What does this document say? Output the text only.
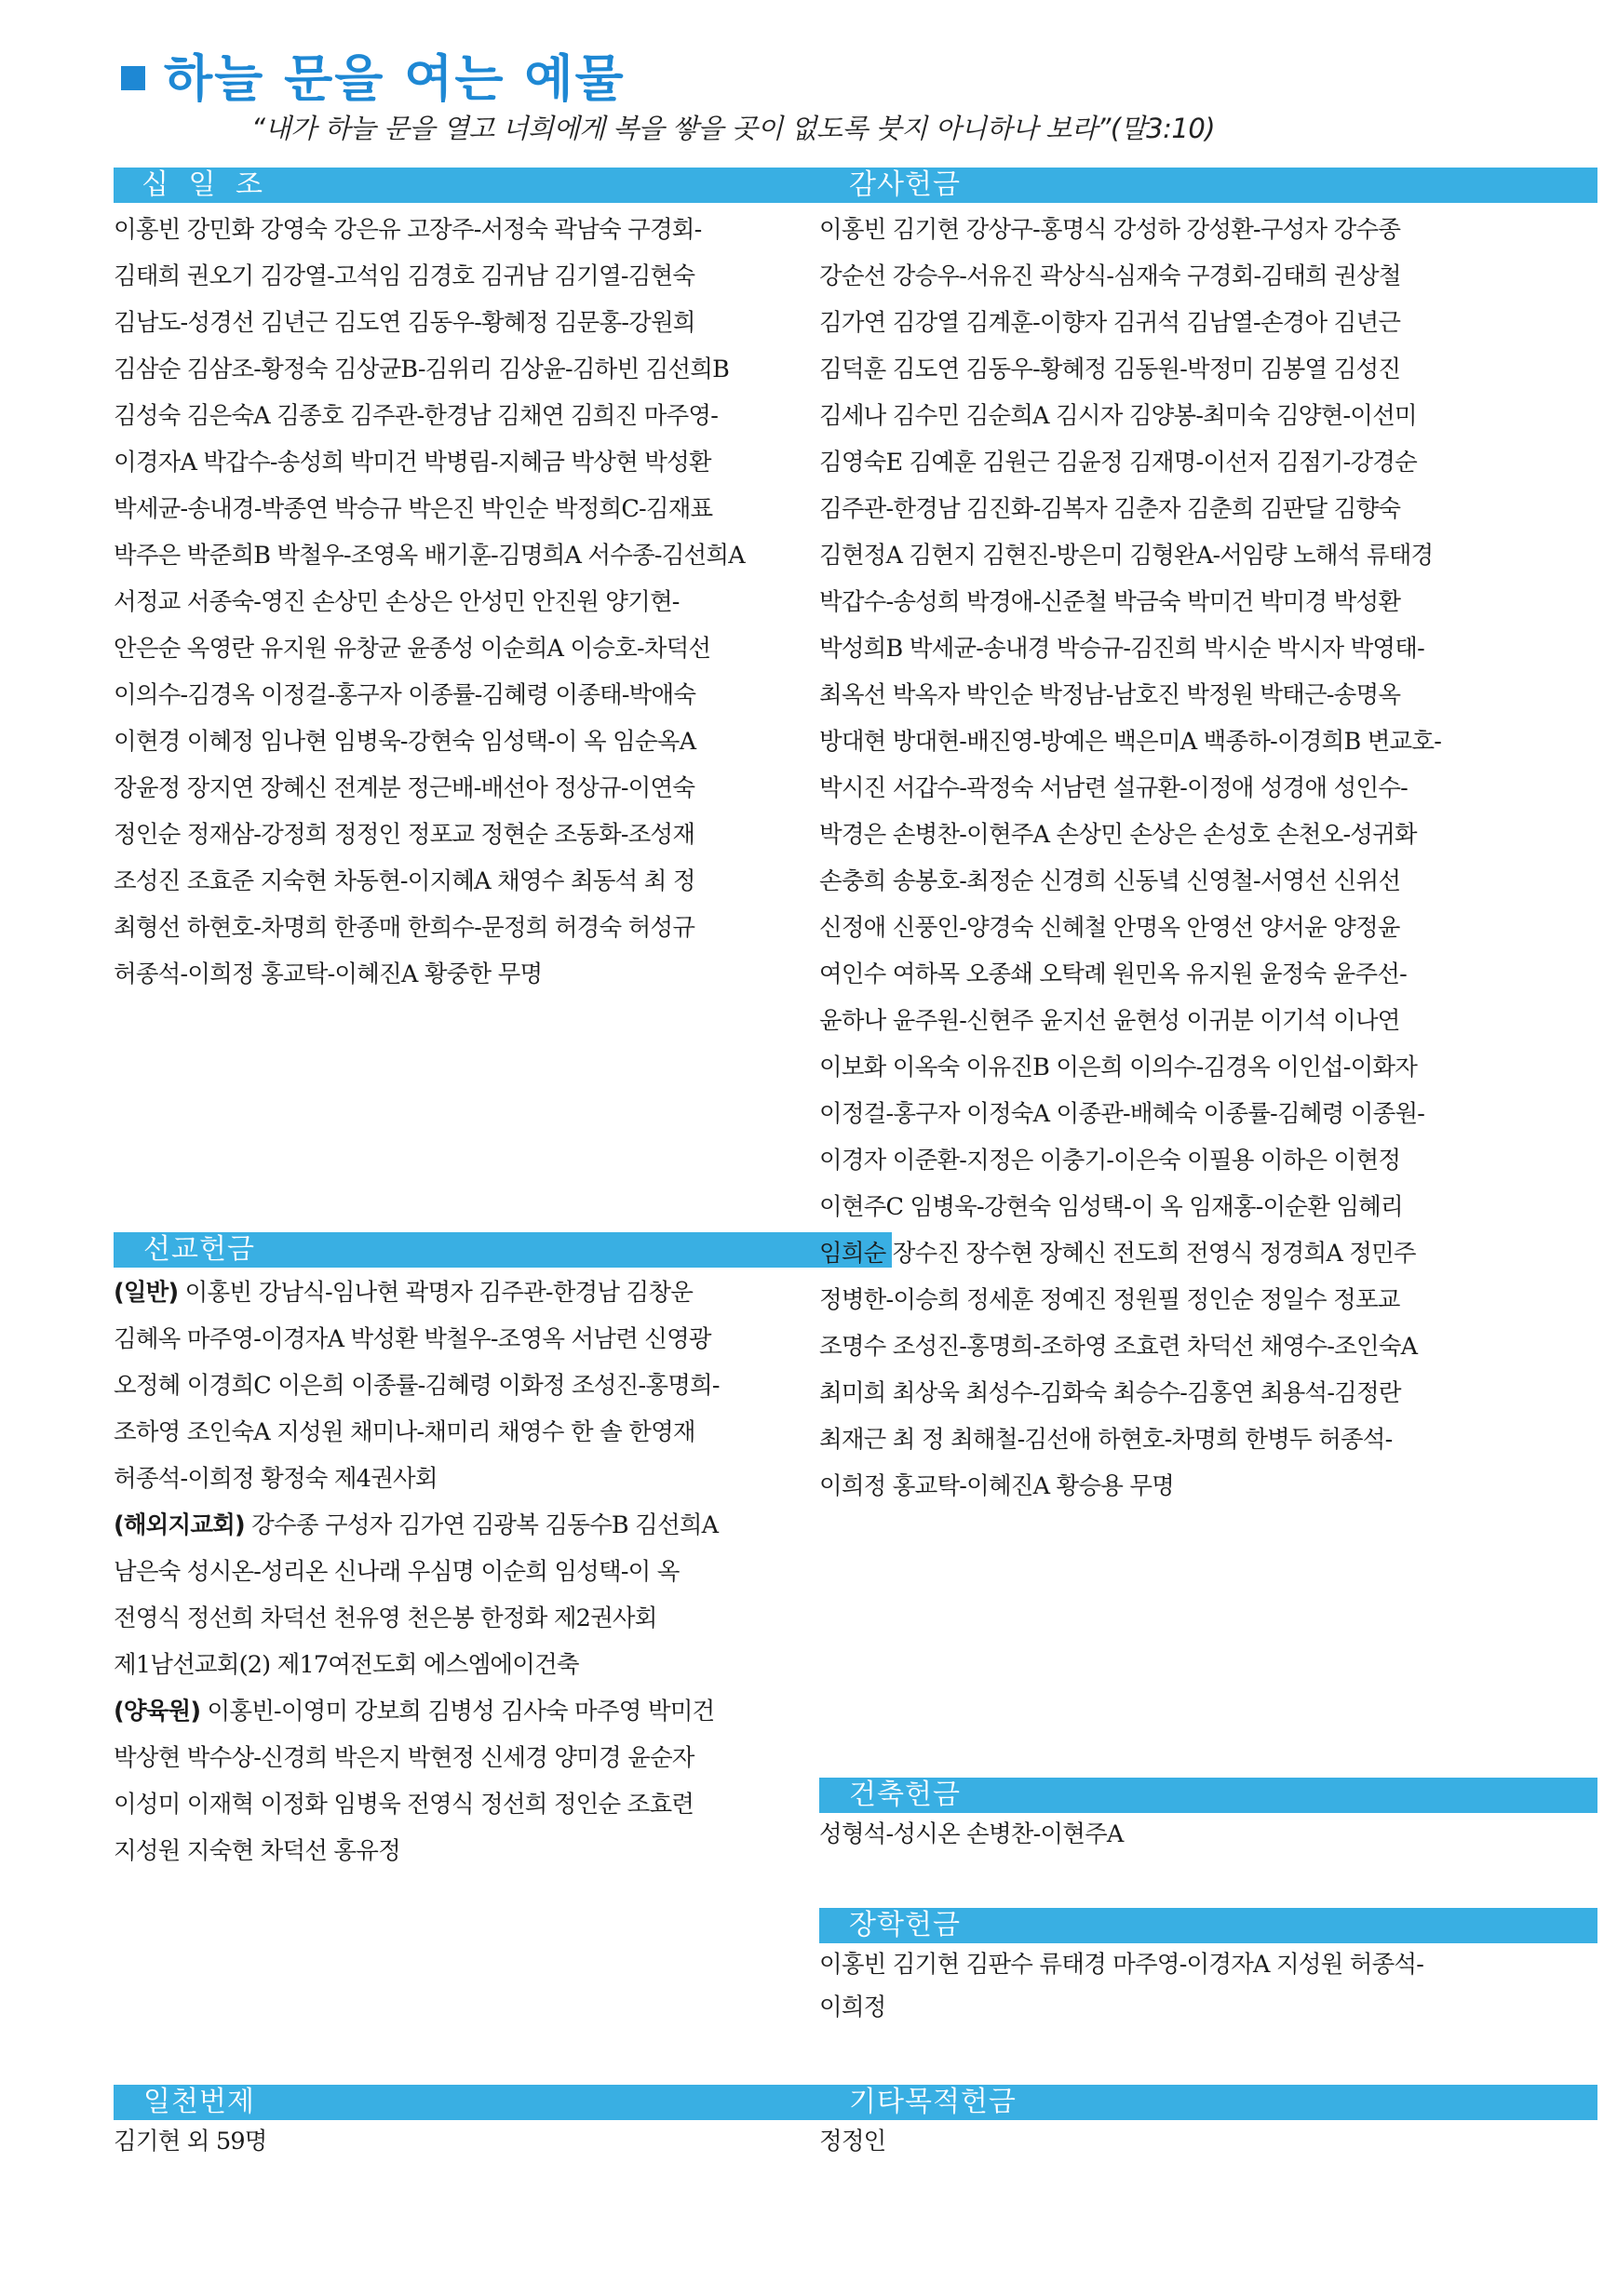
하늘 문을 여는 예물
“내가 하늘 문을 열고 너희에게 복을 쌓을 곳이 없도록 붓지 아니하나 보라”(말3:10)
십 일 조
이홍빈 강민화 강영숙 강은유 고장주-서정숙 곽남숙 구경회-
김태희 권오기 김강열-고석임 김경호 김귀남 김기열-김현숙
김남도-성경선 김년근 김도연 김동우-황혜정 김문홍-강원희
김삼순 김삼조-황정숙 김상균B-김위리 김상윤-김하빈 김선희B
김성숙 김은숙A 김종호 김주관-한경남 김채연 김희진 마주영-
이경자A 박갑수-송성희 박미건 박병림-지혜금 박상현 박성환
박세균-송내경-박종연 박승규 박은진 박인순 박정희C-김재표
박주은 박준희B 박철우-조영옥 배기훈-김명희A 서수종-김선희A
서정교 서종숙-영진 손상민 손상은 안성민 안진원 양기현-
안은순 옥영란 유지원 유창균 윤종성 이순희A 이승호-차덕선
이의수-김경옥 이정걸-홍구자 이종률-김혜령 이종태-박애숙
이현경 이혜정 임나현 임병욱-강현숙 임성택-이 옥 임순옥A
장윤정 장지연 장혜신 전계분 정근배-배선아 정상규-이연숙
정인순 정재삼-강정희 정정인 정포교 정현순 조동화-조성재
조성진 조효준 지숙현 차동현-이지혜A 채영수 최동석 최 정
최형선 하현호-차명희 한종매 한희수-문정희 허경숙 허성규
허종석-이희정 홍교탁-이혜진A 황중한 무명
선교헌금
(일반) 이홍빈 강남식-임나현 곽명자 김주관-한경남 김창운
김혜옥 마주영-이경자A 박성환 박철우-조영옥 서남련 신영광
오정혜 이경희C 이은희 이종률-김혜령 이화정 조성진-홍명희-
조하영 조인숙A 지성원 채미나-채미리 채영수 한 솔 한영재
허종석-이희정 황정숙 제4권사회
(해외지교회) 강수종 구성자 김가연 김광복 김동수B 김선희A
남은숙 성시온-성리온 신나래 우심명 이순희 임성택-이 옥
전영식 정선희 차덕선 천유영 천은봉 한정화 제2권사회
제1남선교회(2) 제17여전도회 에스엠에이건축
(양육원) 이홍빈-이영미 강보희 김병성 김사숙 마주영 박미건
박상현 박수상-신경희 박은지 박현정 신세경 양미경 윤순자
이성미 이재혁 이정화 임병욱 전영식 정선희 정인순 조효련
지성원 지숙현 차덕선 홍유정
일천번제
김기현 외 59명
감사헌금
이홍빈 김기현 강상구-홍명식 강성하 강성환-구성자 강수종
강순선 강승우-서유진 곽상식-심재숙 구경회-김태희 권상철
김가연 김강열 김계훈-이향자 김귀석 김남열-손경아 김년근
김덕훈 김도연 김동우-황혜정 김동원-박정미 김봉열 김성진
김세나 김수민 김순희A 김시자 김양봉-최미숙 김양현-이선미
김영숙E 김예훈 김원근 김윤정 김재명-이선저 김점기-강경순
김주관-한경남 김진화-김복자 김춘자 김춘희 김판달 김향숙
김현정A 김현지 김현진-방은미 김형완A-서임량 노해석 류태경
박갑수-송성희 박경애-신준철 박금숙 박미건 박미경 박성환
박성희B 박세균-송내경 박승규-김진희 박시순 박시자 박영태-
최옥선 박옥자 박인순 박정남-남호진 박정원 박태근-송명옥
방대현 방대현-배진영-방예은 백은미A 백종하-이경희B 변교호-
박시진 서갑수-곽정숙 서남련 설규환-이정애 성경애 성인수-
박경은 손병찬-이현주A 손상민 손상은 손성호 손천오-성귀화
손충희 송봉호-최정순 신경희 신동녘 신영철-서영선 신위선
신정애 신풍인-양경숙 신혜철 안명옥 안영선 양서윤 양정윤
여인수 여하목 오종쇄 오탁례 원민옥 유지원 윤정숙 윤주선-
윤하나 윤주원-신현주 윤지선 윤현성 이귀분 이기석 이나연
이보화 이옥숙 이유진B 이은희 이의수-김경옥 이인섭-이화자
이정걸-홍구자 이정숙A 이종관-배혜숙 이종률-김혜령 이종원-
이경자 이준환-지정은 이충기-이은숙 이필용 이하은 이현정
이현주C 임병욱-강현숙 임성택-이 옥 임재홍-이순환 임혜리
임희순 장수진 장수현 장혜신 전도희 전영식 정경희A 정민주
정병한-이승희 정세훈 정예진 정원필 정인순 정일수 정포교
조명수 조성진-홍명희-조하영 조효련 차덕선 채영수-조인숙A
최미희 최상욱 최성수-김화숙 최승수-김홍연 최용석-김정란
최재근 최 정 최해철-김선애 하현호-차명희 한병두 허종석-
이희정 홍교탁-이혜진A 황승용 무명
건축헌금
성형석-성시온 손병찬-이현주A
장학헌금
이홍빈 김기현 김판수 류태경 마주영-이경자A 지성원 허종석-
이희정
기타목적헌금
정정인
